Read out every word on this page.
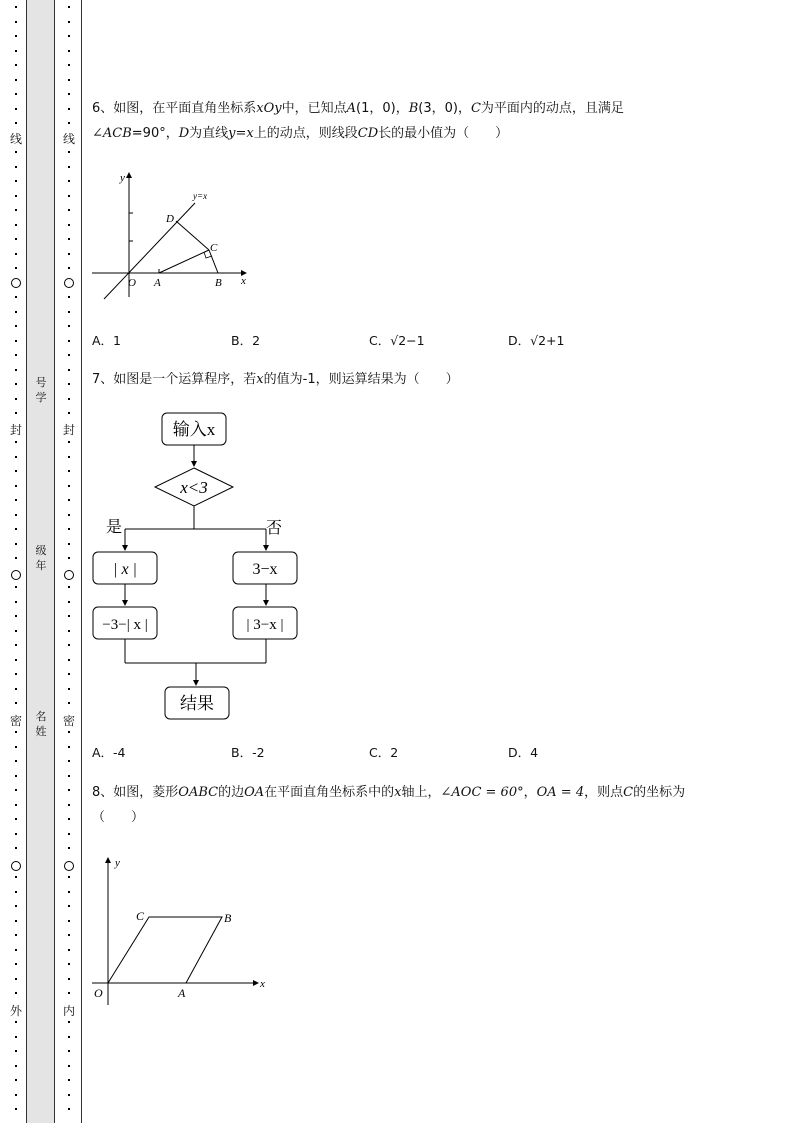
线
封
密
外
线
封
密
内
号
学
级
年
名
姓
6、如图，在平面直角坐标系xOy中，已知点A(1，0)，B(3，0)，C为平面内的动点，且满足
∠ACB=90°，D为直线y=x上的动点，则线段CD长的最小值为（　　）
y
x
y=x
O A	B
C
D
A．1	B．2	C．√2−1	D．√2+1
7、如图是一个运算程序，若x的值为-1，则运算结果为（　　）
输入x
x<3
是	否
| x |	3−x
−3−| x |	| 3−x |
结果
A．-4	B．-2	C．2	D．4
8、如图，菱形OABC的边OA在平面直角坐标系中的x轴上，∠AOC = 60°，OA = 4，则点C的坐标为
（　　）
y
x
O	A
B
C
